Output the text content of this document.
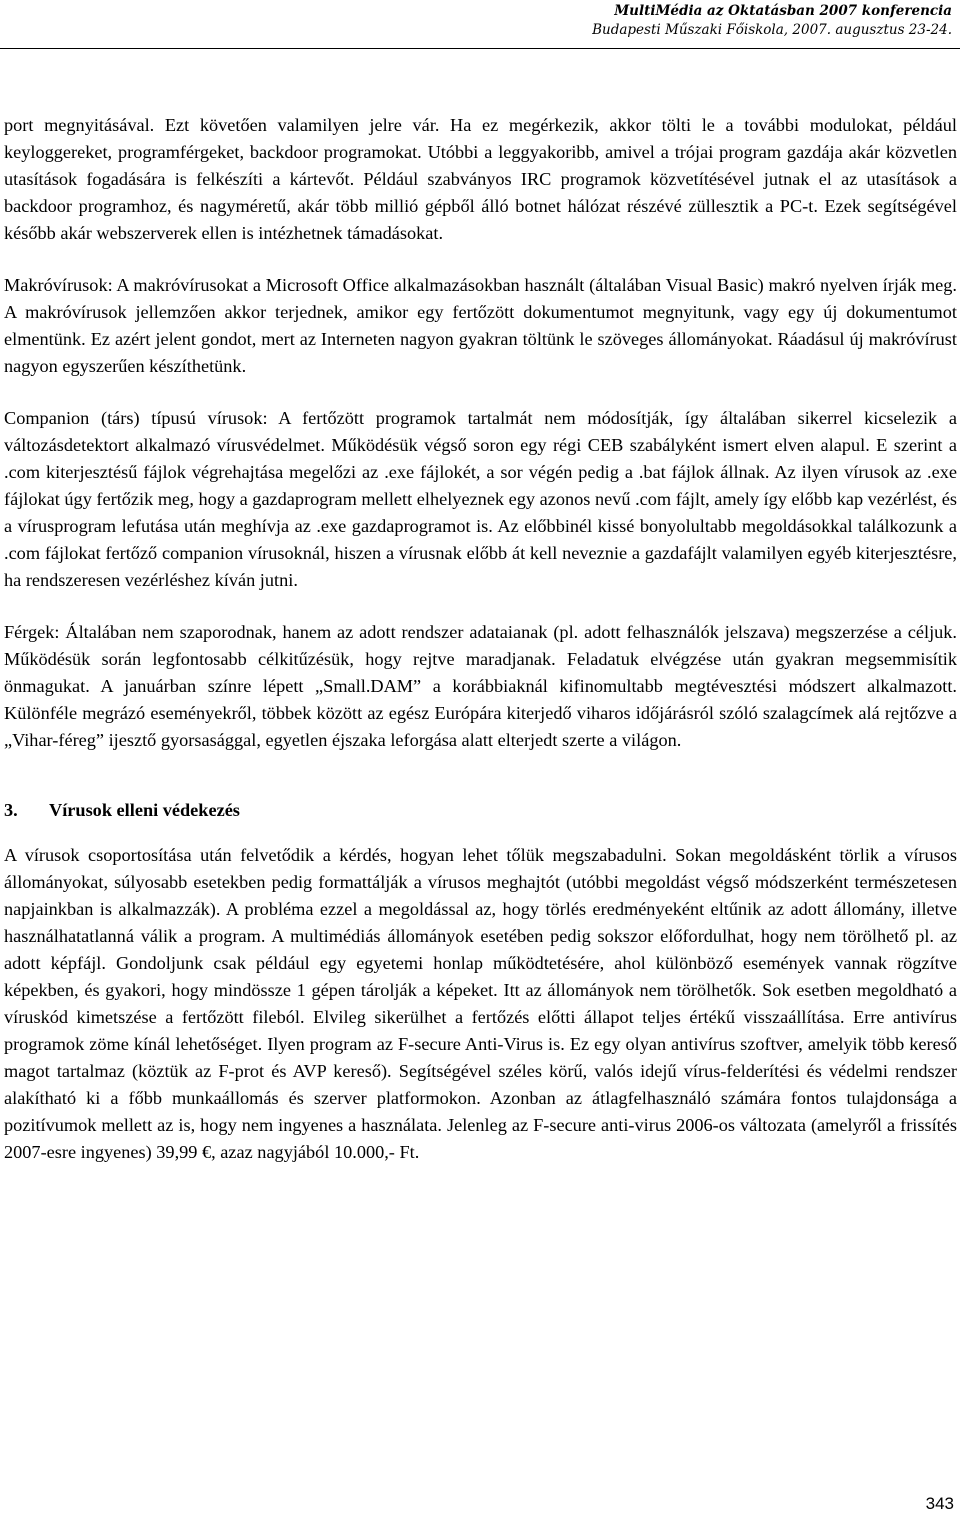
MultiMédia az Oktatásban 2007 konferencia
Budapesti Műszaki Főiskola, 2007. augusztus 23-24.

port megnyitásával. Ezt követően valamilyen jelre vár. Ha ez megérkezik, akkor tölti le a további modulokat, például keyloggereket, programférgeket, backdoor programokat. Utóbbi a leggyakoribb, amivel a trójai program gazdája akár közvetlen utasítások fogadására is felkészíti a kártevőt. Például szabványos IRC programok közvetítésével jutnak el az utasítások a backdoor programhoz, és nagyméretű, akár több millió gépből álló botnet hálózat részévé züllesztik a PC-t. Ezek segítségével később akár webszerverek ellen is intézhetnek támadásokat.

Makróvírusok: A makróvírusokat a Microsoft Office alkalmazásokban használt (általában Visual Basic) makró nyelven írják meg. A makróvírusok jellemzően akkor terjednek, amikor egy fertőzött dokumentumot megnyitunk, vagy egy új dokumentumot elmentünk. Ez azért jelent gondot, mert az Interneten nagyon gyakran töltünk le szöveges állományokat. Ráadásul új makróvírust nagyon egyszerűen készíthetünk.

Companion (társ) típusú vírusok: A fertőzött programok tartalmát nem módosítják, így általában sikerrel kicselezik a változásdetektort alkalmazó vírusvédelmet. Működésük végső soron egy régi CEB szabályként ismert elven alapul. E szerint a .com kiterjesztésű fájlok végrehajtása megelőzi az .exe fájlokét, a sor végén pedig a .bat fájlok állnak. Az ilyen vírusok az .exe fájlokat úgy fertőzik meg, hogy a gazdaprogram mellett elhelyeznek egy azonos nevű .com fájlt, amely így előbb kap vezérlést, és a vírusprogram lefutása után meghívja az .exe gazdaprogramot is. Az előbbinél kissé bonyolultabb megoldásokkal találkozunk a .com fájlokat fertőző companion vírusoknál, hiszen a vírusnak előbb át kell neveznie a gazdafájlt valamilyen egyéb kiterjesztésre, ha rendszeresen vezérléshez kíván jutni.

Férgek: Általában nem szaporodnak, hanem az adott rendszer adataianak (pl. adott felhasználók jelszava) megszerzése a céljuk. Működésük során legfontosabb célkitűzésük, hogy rejtve maradjanak. Feladatuk elvégzése után gyakran megsemmisítik önmagukat. A januárban színre lépett „Small.DAM” a korábbiaknál kifinomultabb megtévesztési módszert alkalmazott. Különféle megrázó eseményekről, többek között az egész Európára kiterjedő viharos időjárásról szóló szalagcímek alá rejtőzve a „Vihar-féreg” ijesztő gyorsasággal, egyetlen éjszaka leforgása alatt elterjedt szerte a világon.

3. Vírusok elleni védekezés

A vírusok csoportosítása után felvetődik a kérdés, hogyan lehet tőlük megszabadulni. Sokan megoldásként törlik a vírusos állományokat, súlyosabb esetekben pedig formattálják a vírusos meghajtót (utóbbi megoldást végső módszerként természetesen napjainkban is alkalmazzák). A probléma ezzel a megoldással az, hogy törlés eredményeként eltűnik az adott állomány, illetve használhatatlanná válik a program. A multimédiás állományok esetében pedig sokszor előfordulhat, hogy nem törölhető pl. az adott képfájl. Gondoljunk csak például egy egyetemi honlap működtetésére, ahol különböző események vannak rögzítve képekben, és gyakori, hogy mindössze 1 gépen tárolják a képeket. Itt az állományok nem törölhetők. Sok esetben megoldható a víruskód kimetszése a fertőzött fileból. Elvileg sikerülhet a fertőzés előtti állapot teljes értékű visszaállítása. Erre antivírus programok zöme kínál lehetőséget. Ilyen program az F-secure Anti-Virus is. Ez egy olyan antivírus szoftver, amelyik több kereső magot tartalmaz (köztük az F-prot és AVP kereső). Segítségével széles körű, valós idejű vírus-felderítési és védelmi rendszer alakítható ki a főbb munkaállomás és szerver platformokon. Azonban az átlagfelhasználó számára fontos tulajdonsága a pozitívumok mellett az is, hogy nem ingyenes a használata. Jelenleg az F-secure anti-virus 2006-os változata (amelyről a frissítés 2007-esre ingyenes) 39,99 €, azaz nagyjából 10.000,- Ft.

343
